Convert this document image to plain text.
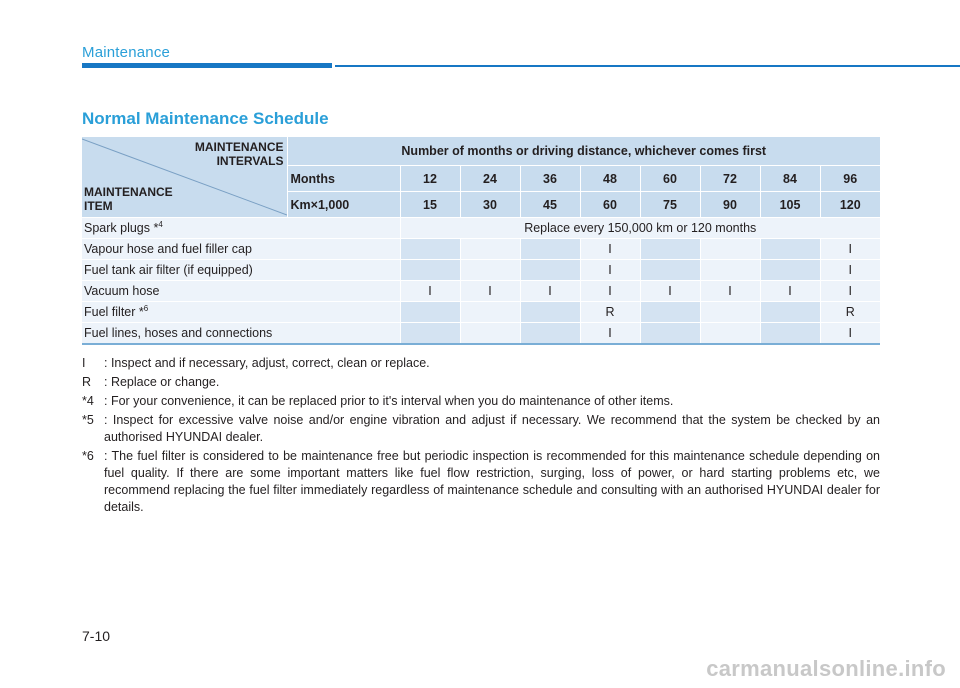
Maintenance
Normal Maintenance Schedule
MAINTENANCE
INTERVALS
MAINTENANCE
ITEM	Number of months or driving distance, whichever comes first								
	Months	12	24	36	48	60	72	84	96
	Km×1,000	15	30	45	60	75	90	105	120
Spark plugs *$^4$		Replace every 150,000 km or 120 months							
Vapour hose and fuel filler cap					I				I
Fuel tank air filter (if equipped)					I				I
Vacuum hose		I	I	I	I	I	I	I	I
Fuel filter *$^6$					R				R
Fuel lines, hoses and connections					I				I
I	: Inspect and if necessary, adjust, correct, clean or replace.
R	: Replace or change.
*4 : For your convenience, it can be replaced prior to it's interval when you do maintenance of other items.
*5 : Inspect for excessive valve noise and/or engine vibration and adjust if necessary. We recommend that the system be checked by an authorised HYUNDAI dealer.
*6 : The fuel filter is considered to be maintenance free but periodic inspection is recommended for this maintenance schedule depending on fuel quality. If there are some important matters like fuel flow restriction, surging, loss of power, or hard starting problems etc, we recommend replacing the fuel filter immediately regardless of maintenance schedule and consulting with an authorised HYUNDAI dealer for details.
7-10
carmanualsonline.info
